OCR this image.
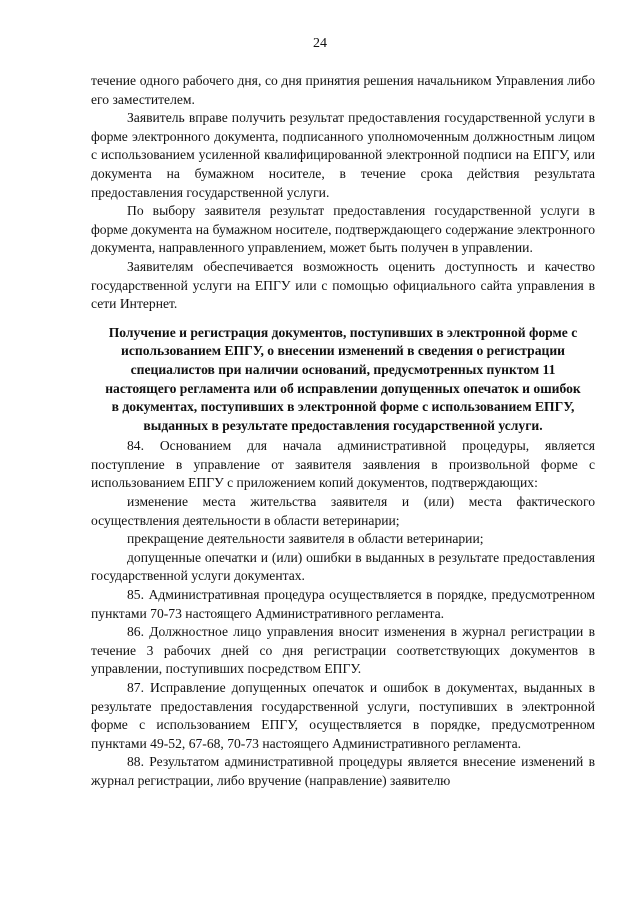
24

течение одного рабочего дня, со дня принятия решения начальником Управления либо его заместителем.

Заявитель вправе получить результат предоставления государственной услуги в форме электронного документа, подписанного уполномоченным должностным лицом с использованием усиленной квалифицированной электронной подписи на ЕПГУ, или документа на бумажном носителе, в течение срока действия результата предоставления государственной услуги.

По выбору заявителя результат предоставления государственной услуги в форме документа на бумажном носителе, подтверждающего содержание электронного документа, направленного управлением, может быть получен в управлении.

Заявителям обеспечивается возможность оценить доступность и качество государственной услуги на ЕПГУ или с помощью официального сайта управления в сети Интернет.

Получение и регистрация документов, поступивших в электронной форме с использованием ЕПГУ, о внесении изменений в сведения о регистрации специалистов при наличии оснований, предусмотренных пунктом 11 настоящего регламента или об исправлении допущенных опечаток и ошибок в документах, поступивших в электронной форме с использованием ЕПГУ, выданных в результате предоставления государственной услуги.

84. Основанием для начала административной процедуры, является поступление в управление от заявителя заявления в произвольной форме с использованием ЕПГУ с приложением копий документов, подтверждающих:

изменение места жительства заявителя и (или) места фактического осуществления деятельности в области ветеринарии;

прекращение деятельности заявителя в области ветеринарии;

допущенные опечатки и (или) ошибки в выданных в результате предоставления государственной услуги документах.

85. Административная процедура осуществляется в порядке, предусмотренном пунктами 70-73 настоящего Административного регламента.

86. Должностное лицо управления вносит изменения в журнал регистрации в течение 3 рабочих дней со дня регистрации соответствующих документов в управлении, поступивших посредством ЕПГУ.

87. Исправление допущенных опечаток и ошибок в документах, выданных в результате предоставления государственной услуги, поступивших в электронной форме с использованием ЕПГУ, осуществляется в порядке, предусмотренном пунктами 49-52, 67-68, 70-73 настоящего Административного регламента.

88. Результатом административной процедуры является внесение изменений в журнал регистрации, либо вручение (направление) заявителю
